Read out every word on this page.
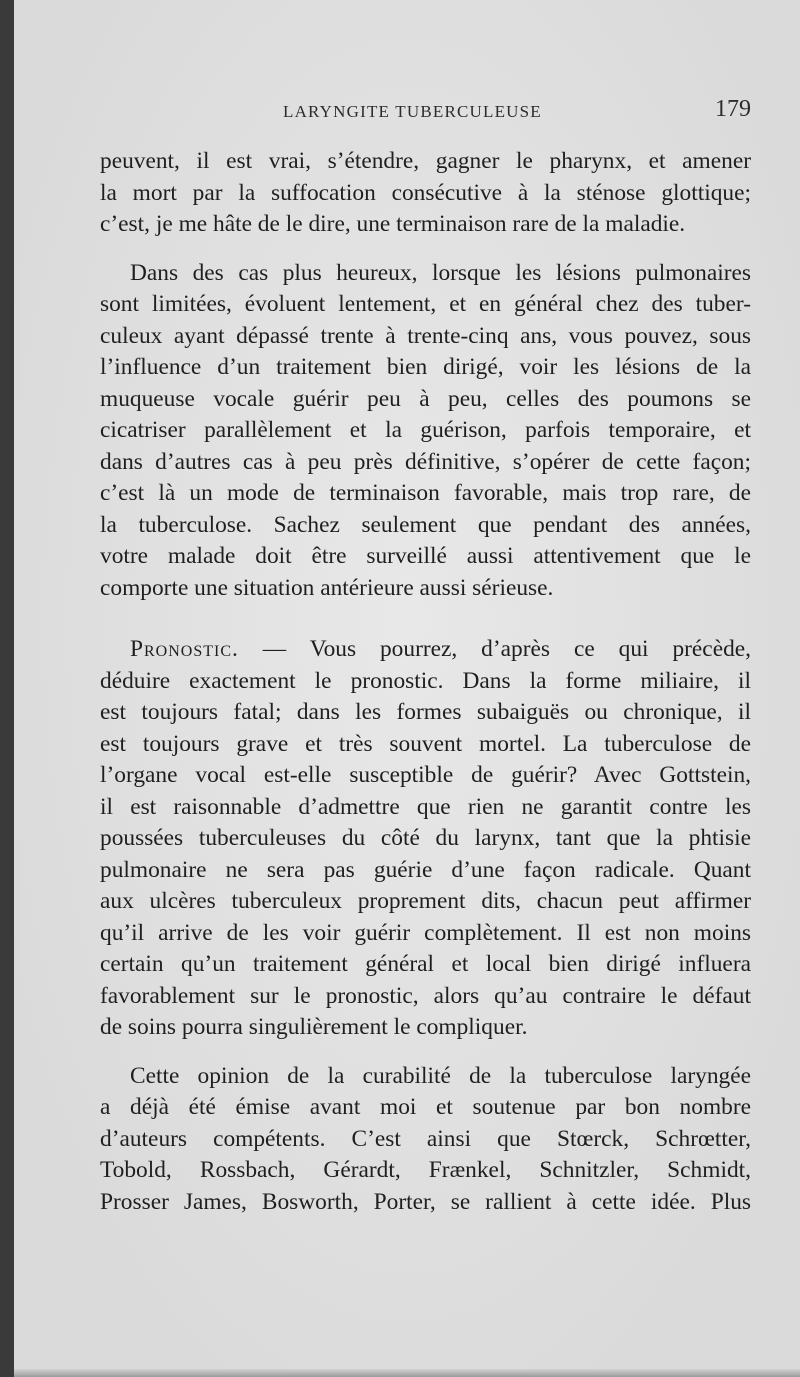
LARYNGITE TUBERCULEUSE	179
peuvent, il est vrai, s’étendre, gagner le pharynx, et amener
la mort par la suffocation consécutive à la sténose glottique;
c’est, je me hâte de le dire, une terminaison rare de la maladie.
Dans des cas plus heureux, lorsque les lésions pulmonaires
sont limitées, évoluent lentement, et en général chez des tuber-
culeux ayant dépassé trente à trente-cinq ans, vous pouvez, sous
l’influence d’un traitement bien dirigé, voir les lésions de la
muqueuse vocale guérir peu à peu, celles des poumons se
cicatriser parallèlement et la guérison, parfois temporaire, et
dans d’autres cas à peu près définitive, s’opérer de cette façon;
c’est là un mode de terminaison favorable, mais trop rare, de
la tuberculose. Sachez seulement que pendant des années,
votre malade doit être surveillé aussi attentivement que le
comporte une situation antérieure aussi sérieuse.
Pronostic. — Vous pourrez, d’après ce qui précède,
déduire exactement le pronostic. Dans la forme miliaire, il
est toujours fatal; dans les formes subaiguës ou chronique, il
est toujours grave et très souvent mortel. La tuberculose de
l’organe vocal est-elle susceptible de guérir? Avec Gottstein,
il est raisonnable d’admettre que rien ne garantit contre les
poussées tuberculeuses du côté du larynx, tant que la phtisie
pulmonaire ne sera pas guérie d’une façon radicale. Quant
aux ulcères tuberculeux proprement dits, chacun peut affirmer
qu’il arrive de les voir guérir complètement. Il est non moins
certain qu’un traitement général et local bien dirigé influera
favorablement sur le pronostic, alors qu’au contraire le défaut
de soins pourra singulièrement le compliquer.
Cette opinion de la curabilité de la tuberculose laryngée
a déjà été émise avant moi et soutenue par bon nombre
d’auteurs compétents. C’est ainsi que Stœrck, Schrœtter,
Tobold, Rossbach, Gérardt, Frænkel, Schnitzler, Schmidt,
Prosser James, Bosworth, Porter, se rallient à cette idée. Plus
